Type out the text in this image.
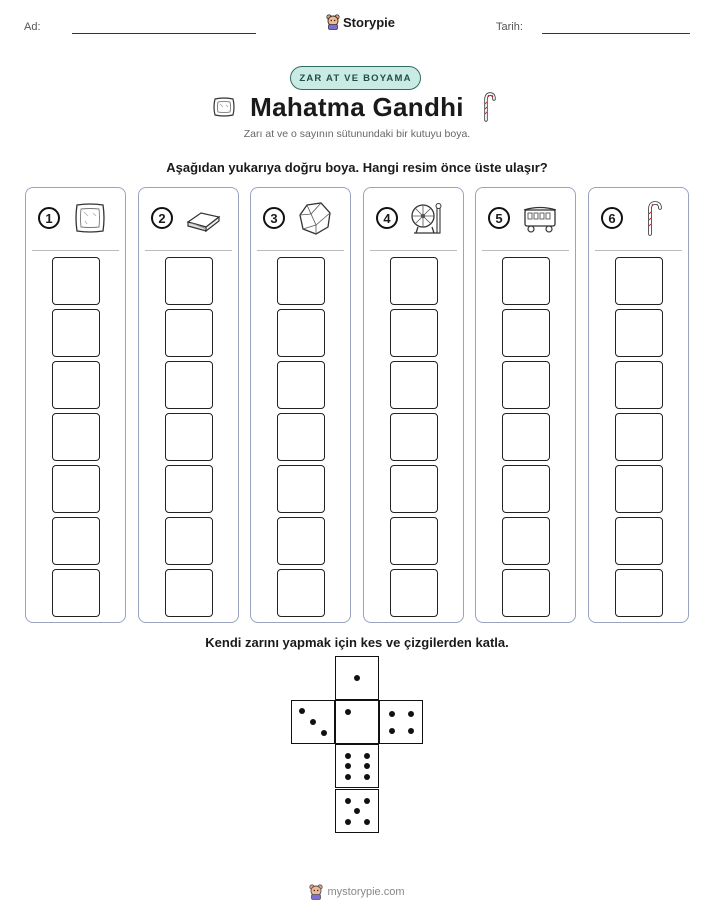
Ad:	Storypie	Tarih:
ZAR AT VE BOYAMA
Mahatma Gandhi
Zarı at ve o sayının sütunundaki bir kutuyu boya.
Aşağıdan yukarıya doğru boya. Hangi resim önce üste ulaşır?
1	2	3	4	5	6
Kendi zarını yapmak için kes ve çizgilerden katla.
mystorypie.com
